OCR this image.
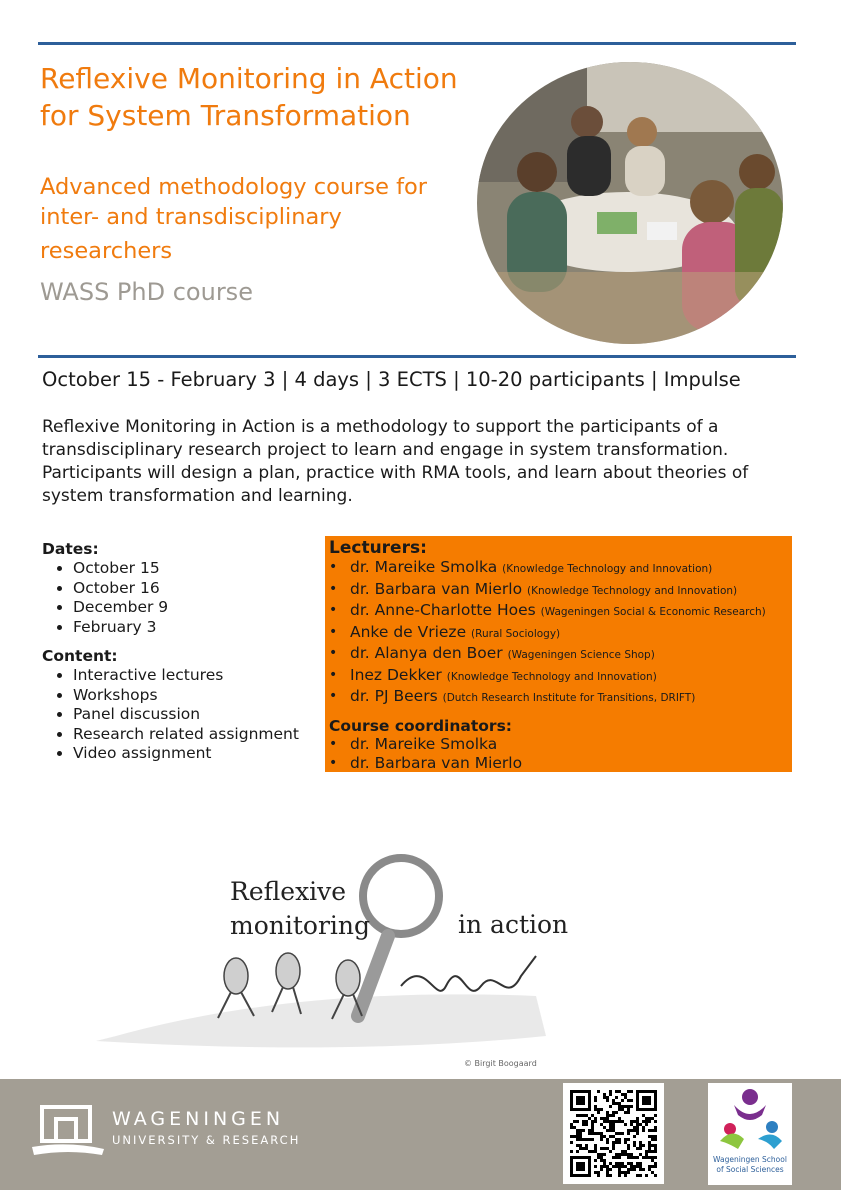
Reflexive Monitoring in Action for System Transformation
Advanced methodology course for
inter- and transdisciplinary
researchers
WASS PhD course
October 15 - February 3 | 4 days | 3 ECTS | 10-20 participants | Impulse
Reflexive Monitoring in Action is a methodology to support the participants of a transdisciplinary research project to learn and engage in system transformation. Participants will design a plan, practice with RMA tools, and learn about theories of system transformation and learning.
Dates:
• October 15
• October 16
• December 9
• February 3
Content:
• Interactive lectures
• Workshops
• Panel discussion
• Research related assignment
• Video assignment
Lecturers:
• dr. Mareike Smolka (Knowledge Technology and Innovation)
• dr. Barbara van Mierlo (Knowledge Technology and Innovation)
• dr. Anne-Charlotte Hoes (Wageningen Social & Economic Research)
• Anke de Vrieze (Rural Sociology)
• dr. Alanya den Boer (Wageningen Science Shop)
• Inez Dekker (Knowledge Technology and Innovation)
• dr. PJ Beers (Dutch Research Institute for Transitions, DRIFT)
Course coordinators:
• dr. Mareike Smolka
• dr. Barbara van Mierlo
Reflexive
monitoring	in action
© Birgit Boogaard
WAGENINGEN
UNIVERSITY & RESEARCH
Wageningen School
of Social Sciences
